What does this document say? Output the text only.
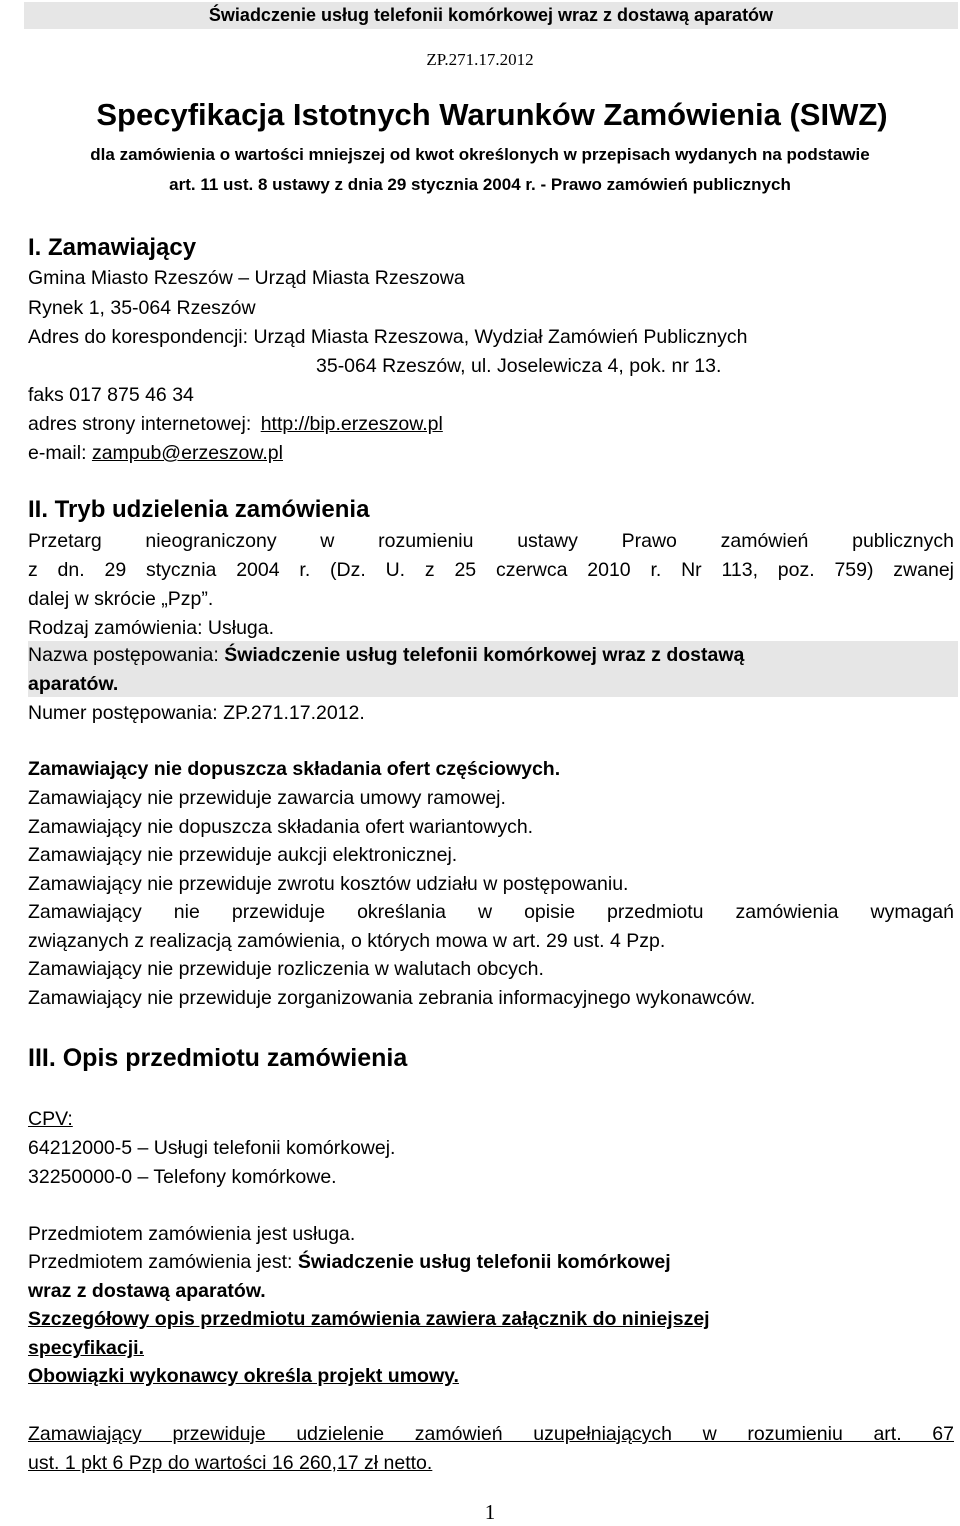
Świadczenie usług telefonii komórkowej wraz z dostawą aparatów
ZP.271.17.2012
Specyfikacja Istotnych Warunków Zamówienia (SIWZ)
dla zamówienia o wartości mniejszej od kwot określonych w przepisach wydanych na podstawie
art. 11 ust. 8 ustawy z dnia 29 stycznia 2004 r. - Prawo zamówień publicznych
I. Zamawiający
Gmina Miasto Rzeszów – Urząd Miasta Rzeszowa
Rynek 1, 35-064 Rzeszów
Adres do korespondencji: Urząd Miasta Rzeszowa, Wydział Zamówień Publicznych
35-064 Rzeszów, ul. Joselewicza 4, pok. nr 13.
faks 017 875 46 34
adres strony internetowej: http://bip.erzeszow.pl
e-mail: zampub@erzeszow.pl
II. Tryb udzielenia zamówienia
Przetarg nieograniczony w rozumieniu ustawy Prawo zamówień publicznych
z dn. 29 stycznia 2004 r. (Dz. U. z 25 czerwca 2010 r. Nr 113, poz. 759) zwanej
dalej w skrócie „Pzp”.
Rodzaj zamówienia: Usługa.
Nazwa postępowania: Świadczenie usług telefonii komórkowej wraz z dostawą
aparatów.
Numer postępowania: ZP.271.17.2012.
Zamawiający nie dopuszcza składania ofert częściowych.
Zamawiający nie przewiduje zawarcia umowy ramowej.
Zamawiający nie dopuszcza składania ofert wariantowych.
Zamawiający nie przewiduje aukcji elektronicznej.
Zamawiający nie przewiduje zwrotu kosztów udziału w postępowaniu.
Zamawiający nie przewiduje określania w opisie przedmiotu zamówienia wymagań
związanych z realizacją zamówienia, o których mowa w art. 29 ust. 4 Pzp.
Zamawiający nie przewiduje rozliczenia w walutach obcych.
Zamawiający nie przewiduje zorganizowania zebrania informacyjnego wykonawców.
III. Opis przedmiotu zamówienia
CPV:
64212000-5 – Usługi telefonii komórkowej.
32250000-0 – Telefony komórkowe.
Przedmiotem zamówienia jest usługa.
Przedmiotem zamówienia jest: Świadczenie usług telefonii komórkowej
wraz z dostawą aparatów.
Szczegółowy opis przedmiotu zamówienia zawiera załącznik do niniejszej
specyfikacji.
Obowiązki wykonawcy określa projekt umowy.
Zamawiający przewiduje udzielenie zamówień uzupełniających w rozumieniu art. 67
ust. 1 pkt 6 Pzp do wartości 16 260,17 zł netto.
1
